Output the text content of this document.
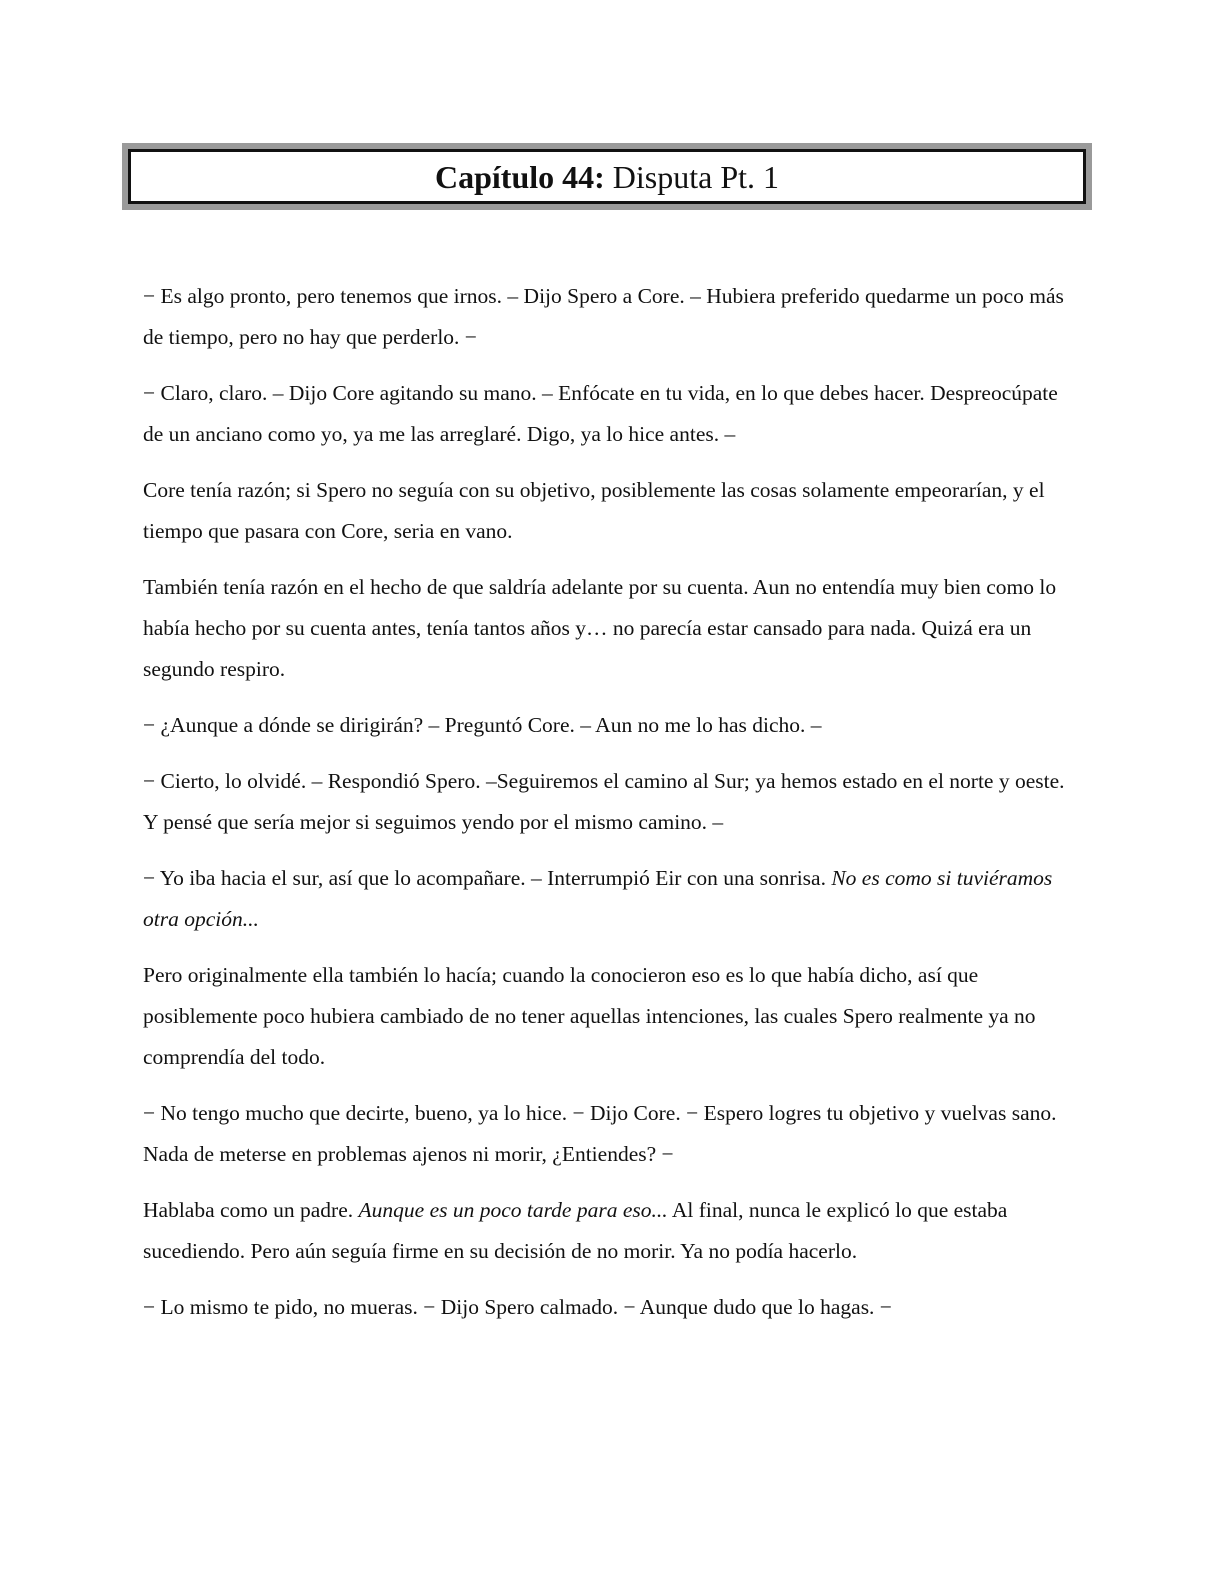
Capítulo 44: Disputa Pt. 1

− Es algo pronto, pero tenemos que irnos. – Dijo Spero a Core. – Hubiera preferido quedarme un poco más de tiempo, pero no hay que perderlo. −

− Claro, claro. – Dijo Core agitando su mano. – Enfócate en tu vida, en lo que debes hacer. Despreocúpate de un anciano como yo, ya me las arreglaré. Digo, ya lo hice antes. –

Core tenía razón; si Spero no seguía con su objetivo, posiblemente las cosas solamente empeorarían, y el tiempo que pasara con Core, seria en vano.

También tenía razón en el hecho de que saldría adelante por su cuenta. Aun no entendía muy bien como lo había hecho por su cuenta antes, tenía tantos años y… no parecía estar cansado para nada. Quizá era un segundo respiro.

− ¿Aunque a dónde se dirigirán? – Preguntó Core. – Aun no me lo has dicho. –

− Cierto, lo olvidé. – Respondió Spero. –Seguiremos el camino al Sur; ya hemos estado en el norte y oeste. Y pensé que sería mejor si seguimos yendo por el mismo camino. –

− Yo iba hacia el sur, así que lo acompañare. – Interrumpió Eir con una sonrisa. No es como si tuviéramos otra opción...

Pero originalmente ella también lo hacía; cuando la conocieron eso es lo que había dicho, así que posiblemente poco hubiera cambiado de no tener aquellas intenciones, las cuales Spero realmente ya no comprendía del todo.

− No tengo mucho que decirte, bueno, ya lo hice. − Dijo Core. − Espero logres tu objetivo y vuelvas sano. Nada de meterse en problemas ajenos ni morir, ¿Entiendes? −

Hablaba como un padre. Aunque es un poco tarde para eso... Al final, nunca le explicó lo que estaba sucediendo. Pero aún seguía firme en su decisión de no morir. Ya no podía hacerlo.

− Lo mismo te pido, no mueras. − Dijo Spero calmado. − Aunque dudo que lo hagas. −
